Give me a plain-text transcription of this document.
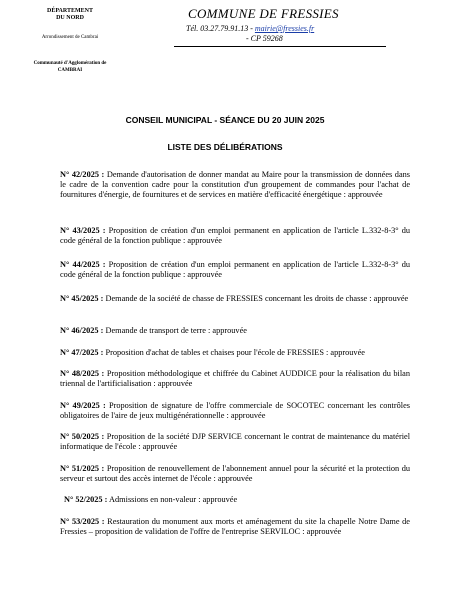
DÉPARTEMENT
DU NORD
Arrondissement de Cambrai
Communauté d'Agglomération de
CAMBRAI
COMMUNE DE FRESSIES
Tél. 03.27.79.91.13 - mairie@fressies.fr
- CP 59268
CONSEIL MUNICIPAL - SÉANCE DU 20 JUIN 2025
LISTE DES DÉLIBÉRATIONS
N° 42/2025 : Demande d'autorisation de donner mandat au Maire pour la transmission de données dans le cadre de la convention cadre pour la constitution d'un groupement de commandes pour l'achat de fournitures d'énergie, de fournitures et de services en matière d'efficacité énergétique : approuvée
N° 43/2025 : Proposition de création d'un emploi permanent en application de l'article L.332-8-3° du code général de la fonction publique : approuvée
N° 44/2025 : Proposition de création d'un emploi permanent en application de l'article L.332-8-3° du code général de la fonction publique : approuvée
N° 45/2025 : Demande de la société de chasse de FRESSIES concernant les droits de chasse : approuvée
N° 46/2025 : Demande de transport de terre : approuvée
N° 47/2025 : Proposition d'achat de tables et chaises pour l'école de FRESSIES : approuvée
N° 48/2025 : Proposition méthodologique et chiffrée du Cabinet AUDDICE pour la réalisation du bilan triennal de l'artificialisation : approuvée
N° 49/2025 : Proposition de signature de l'offre commerciale de SOCOTEC concernant les contrôles obligatoires de l'aire de jeux multigénérationnelle : approuvée
N° 50/2025 : Proposition de la société DJP SERVICE concernant le contrat de maintenance du matériel informatique de l'école : approuvée
N° 51/2025 : Proposition de renouvellement de l'abonnement annuel pour la sécurité et la protection du serveur et surtout des accès internet de l'école : approuvée
N° 52/2025 : Admissions en non-valeur : approuvée
N° 53/2025 : Restauration du monument aux morts et aménagement du site la chapelle Notre Dame de Fressies – proposition de validation de l'offre de l'entreprise SERVILOC : approuvée
